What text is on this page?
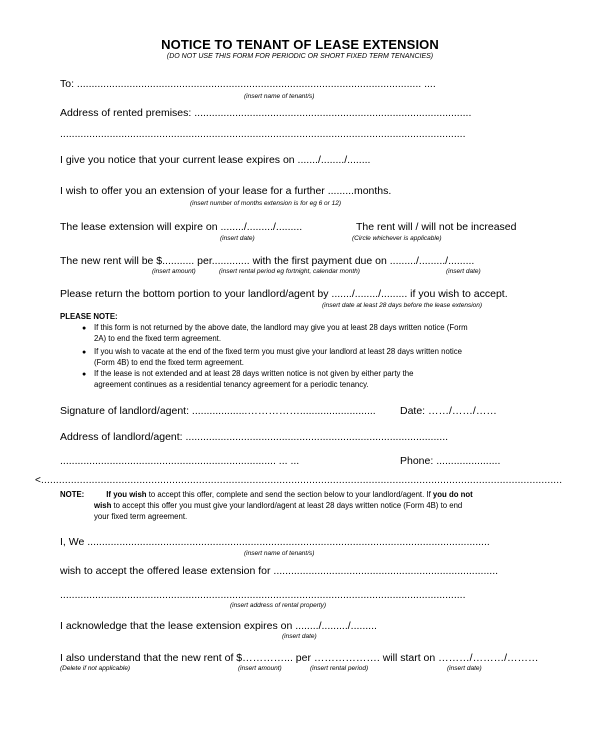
NOTICE TO TENANT OF LEASE EXTENSION
(DO NOT USE THIS FORM FOR PERIODIC OR SHORT FIXED TERM TENANCIES)
To: ...................................................................................................................... ....
(insert name of tenant/s)
Address of rented premises: ...............................................................................................
...........................................................................................................................................
I give you notice that your current lease expires on ......./......../........
I wish to offer you an extension of your lease for a further .........months.
(insert number of months extension is for eg 6 or 12)
The lease extension will expire on ......../........./.........
(insert date)
The rent will / will not be increased
(Circle whichever is applicable)
The new rent will be $........... per............. with the first payment due on ........./........./.........
(insert amount)	(insert rental period eg fortnight, calendar month)	(insert date)
Please return the bottom portion to your landlord/agent by ......./......../......... if you wish to accept.
(insert date at least 28 days before the lease extension)
PLEASE NOTE:
● If this form is not returned by the above date, the landlord may give you at least 28 days written notice (Form
2A) to end the fixed term agreement.
● If you wish to vacate at the end of the fixed term you must give your landlord at least 28 days written notice
(Form 4B) to end the fixed term agreement.
● If the lease is not extended and at least 28 days written notice is not given by either party the
agreement continues as a residential tenancy agreement for a periodic tenancy.
Signature of landlord/agent: ...................…………….......................... Date: ……/……/……
Address of landlord/agent: ..........................................................................................
.......................................................................... ... ...	Phone: ......................
<...............................................................................................................................................................................
NOTE:	If you wish to accept this offer, complete and send the section below to your landlord/agent. If you do not
wish to accept this offer you must give your landlord/agent at least 28 days written notice (Form 4B) to end
your fixed term agreement.
I, We ..........................................................................................................................................
(insert name of tenant/s)
wish to accept the offered lease extension for .............................................................................
...........................................................................................................................................
(insert address of rental property)
I acknowledge that the lease extension expires on ......../........./.........
(insert date)
I also understand that the new rent of $…………... per ………………. will start on ………/………/………
(Delete if not applicable)	(insert amount)	(insert rental period)	(insert date)
